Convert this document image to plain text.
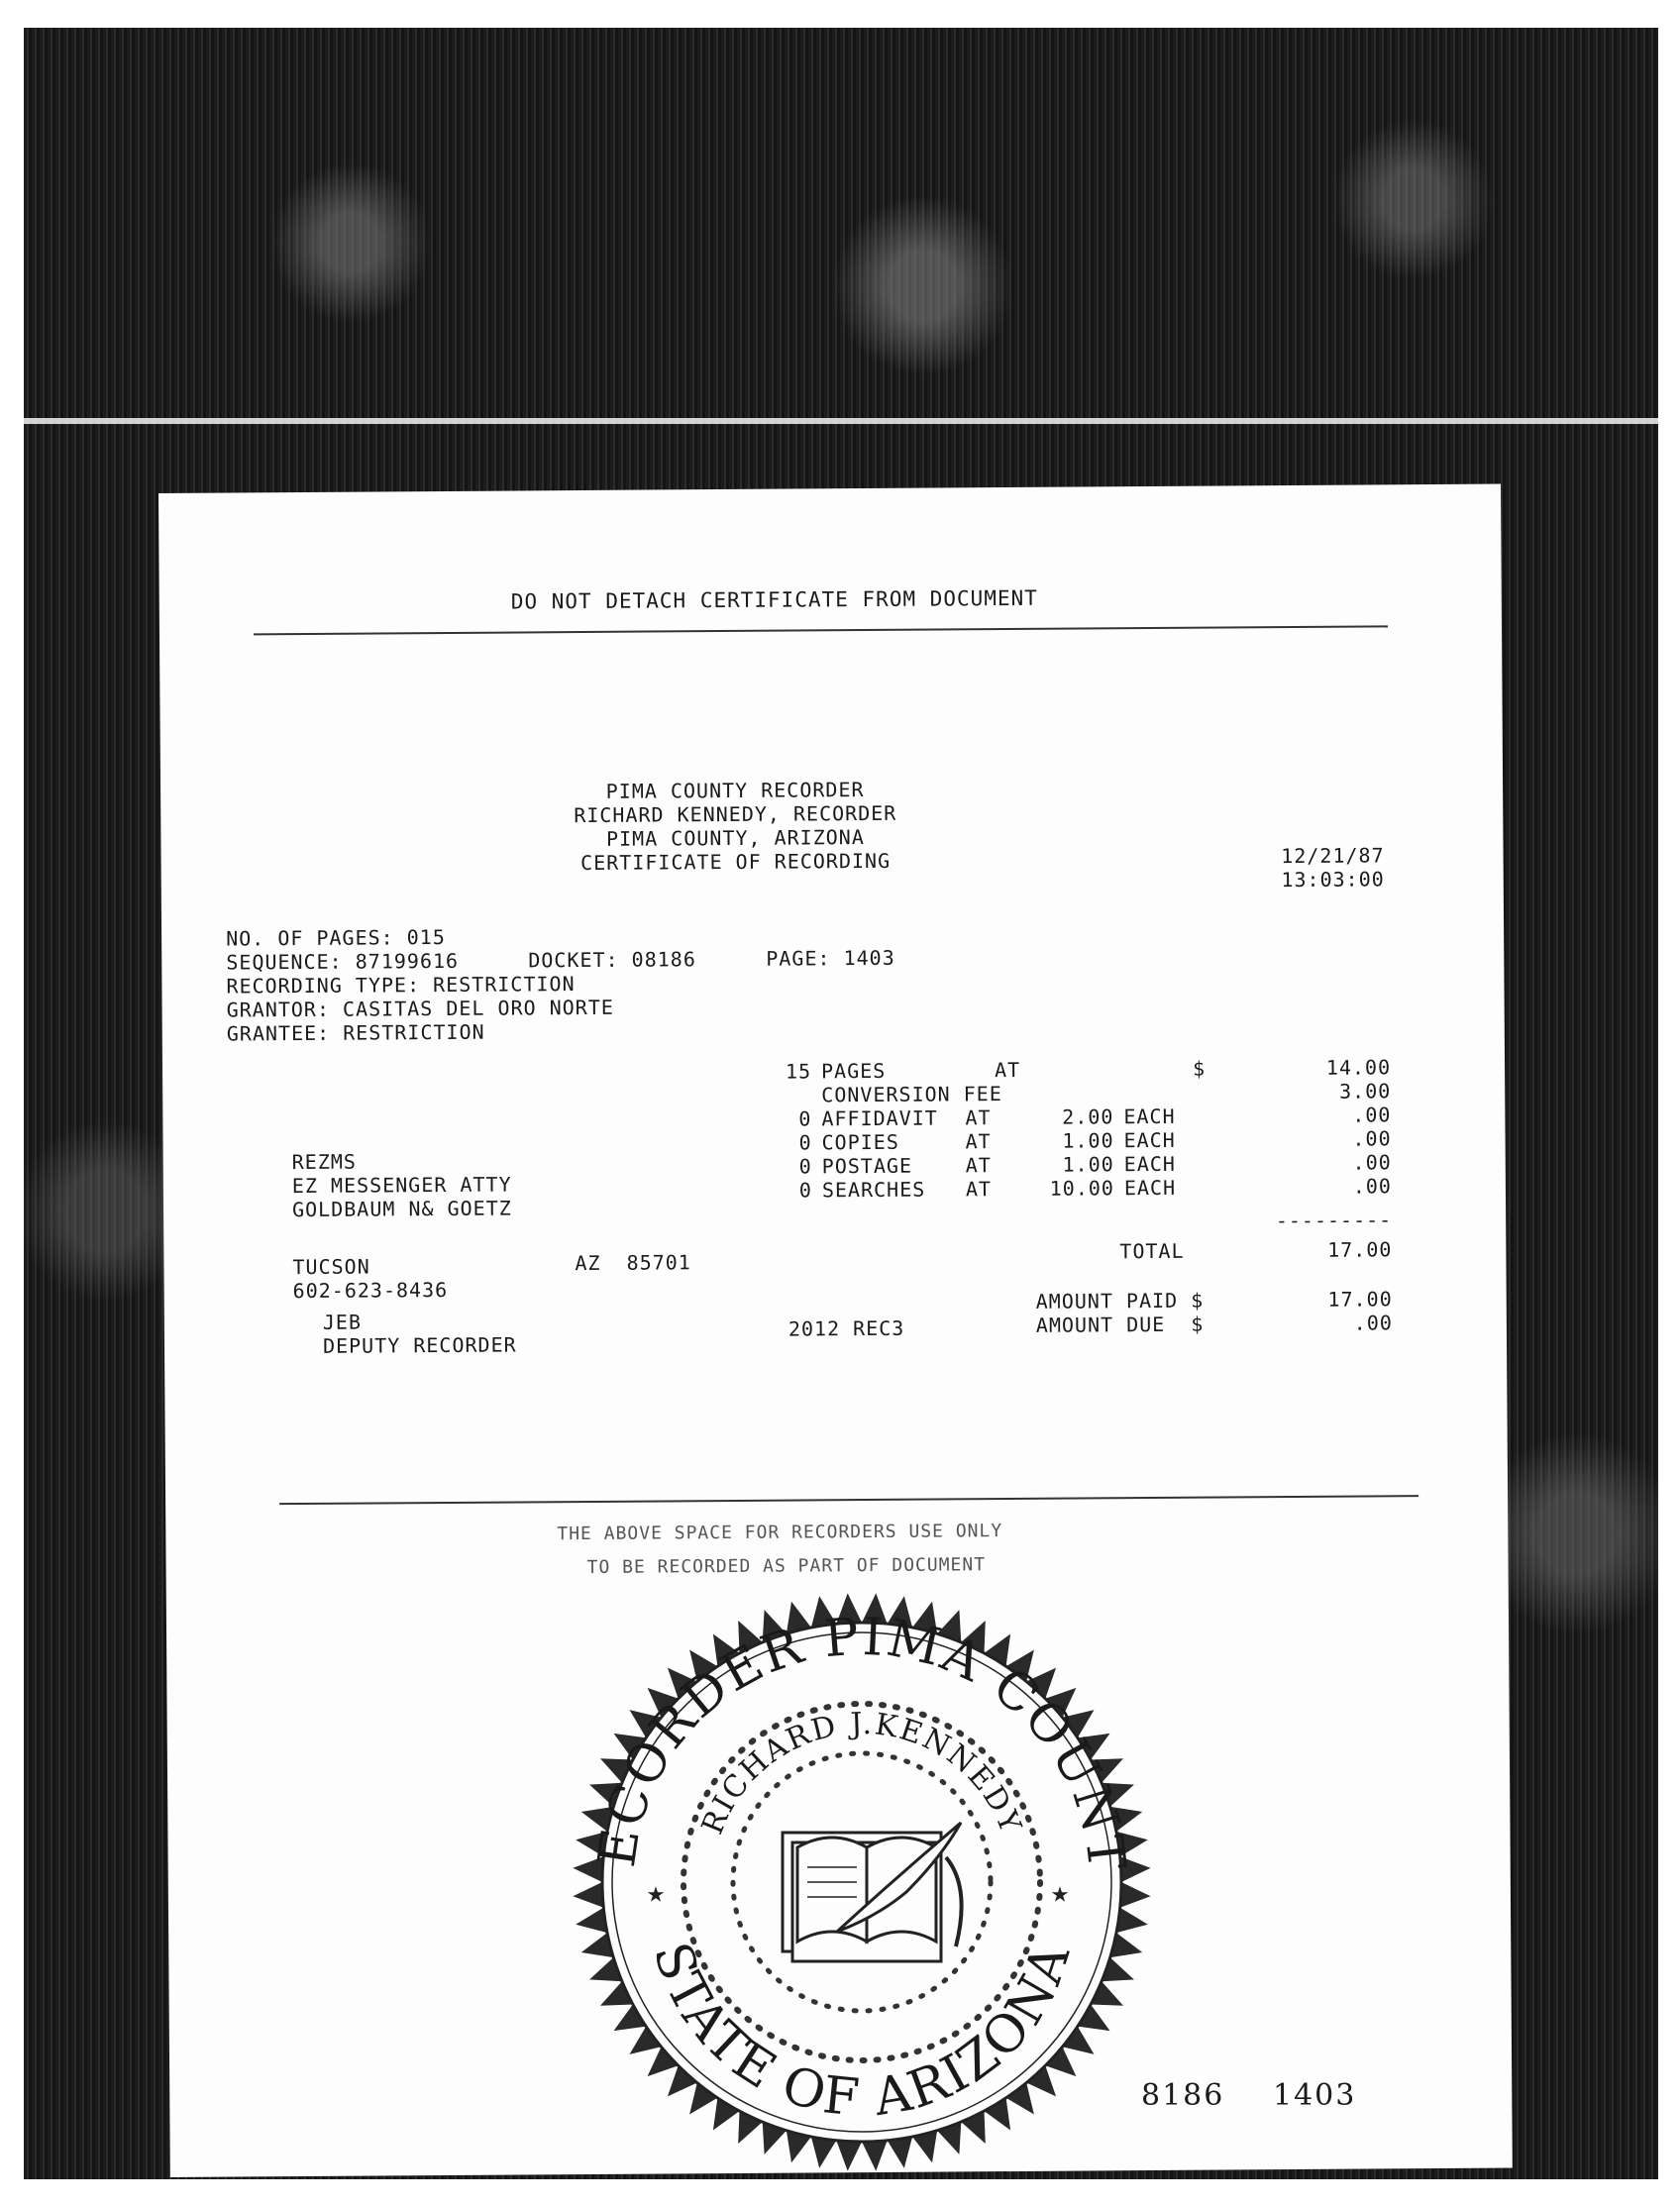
DO NOT DETACH CERTIFICATE FROM DOCUMENT
PIMA COUNTY RECORDER
RICHARD KENNEDY, RECORDER
PIMA COUNTY, ARIZONA
CERTIFICATE OF RECORDING	12/21/87
13:03:00
NO. OF PAGES: 015
SEQUENCE: 87199616	DOCKET: 08186	PAGE: 1403
RECORDING TYPE: RESTRICTION
GRANTOR: CASITAS DEL ORO NORTE
GRANTEE: RESTRICTION
15 PAGES	AT	$	14.00
CONVERSION FEE	3.00
0 AFFIDAVIT AT	2.00 EACH	.00
0 COPIES	AT	1.00 EACH	.00
0 POSTAGE	AT	1.00 EACH	.00
0 SEARCHES AT	10.00 EACH	.00
---------
TOTAL	17.00
AMOUNT PAID $	17.00
2012 REC3	AMOUNT DUE  $	.00
REZMS
EZ MESSENGER ATTY
GOLDBAUM N& GOETZ
TUCSON	AZ  85701
602-623-8436
JEB
DEPUTY RECORDER
THE ABOVE SPACE FOR RECORDERS USE ONLY
TO BE RECORDED AS PART OF DOCUMENT
ECORDER PIMA COUNT
RICHARD J.KENNEDY
STATE OF ARIZONA
★	★
8186 1403
